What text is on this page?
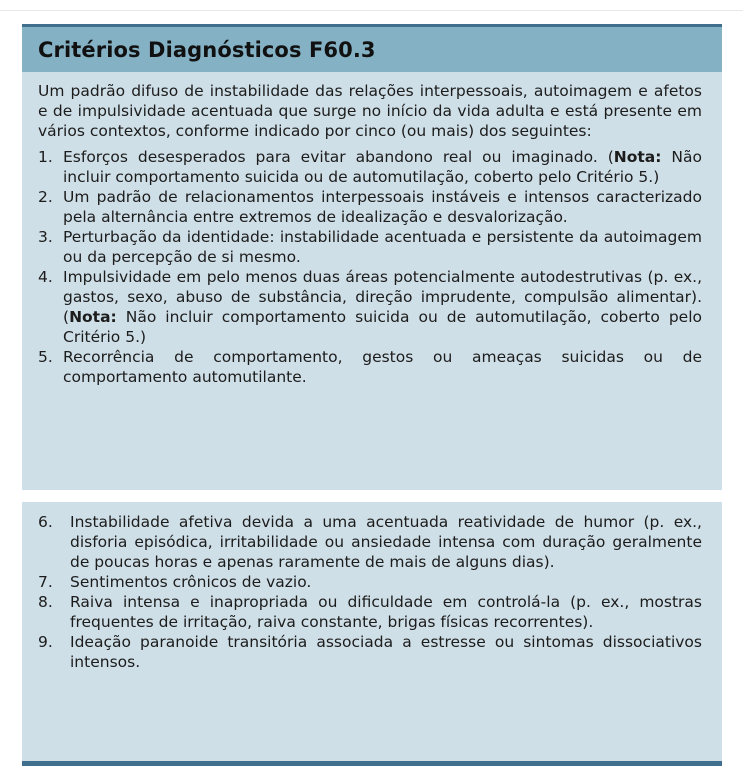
Critérios Diagnósticos F60.3

Um padrão difuso de instabilidade das relações interpessoais, autoimagem e afetos e de impulsividade acentuada que surge no início da vida adulta e está presente em vários contextos, conforme indicado por cinco (ou mais) dos seguintes:

1. Esforços desesperados para evitar abandono real ou imaginado. (Nota: Não incluir comportamento suicida ou de automutilação, coberto pelo Critério 5.)
2. Um padrão de relacionamentos interpessoais instáveis e intensos caracterizado pela alternância entre extremos de idealização e desvalorização.
3. Perturbação da identidade: instabilidade acentuada e persistente da autoimagem ou da percepção de si mesmo.
4. Impulsividade em pelo menos duas áreas potencialmente autodestrutivas (p. ex., gastos, sexo, abuso de substância, direção imprudente, compulsão alimentar). (Nota: Não incluir comportamento suicida ou de automutilação, coberto pelo Critério 5.)
5. Recorrência de comportamento, gestos ou ameaças suicidas ou de comportamento automutilante.
6. Instabilidade afetiva devida a uma acentuada reatividade de humor (p. ex., disforia episódica, irritabilidade ou ansiedade intensa com duração geralmente de poucas horas e apenas raramente de mais de alguns dias).
7. Sentimentos crônicos de vazio.
8. Raiva intensa e inapropriada ou dificuldade em controlá-la (p. ex., mostras frequentes de irritação, raiva constante, brigas físicas recorrentes).
9. Ideação paranoide transitória associada a estresse ou sintomas dissociativos intensos.
